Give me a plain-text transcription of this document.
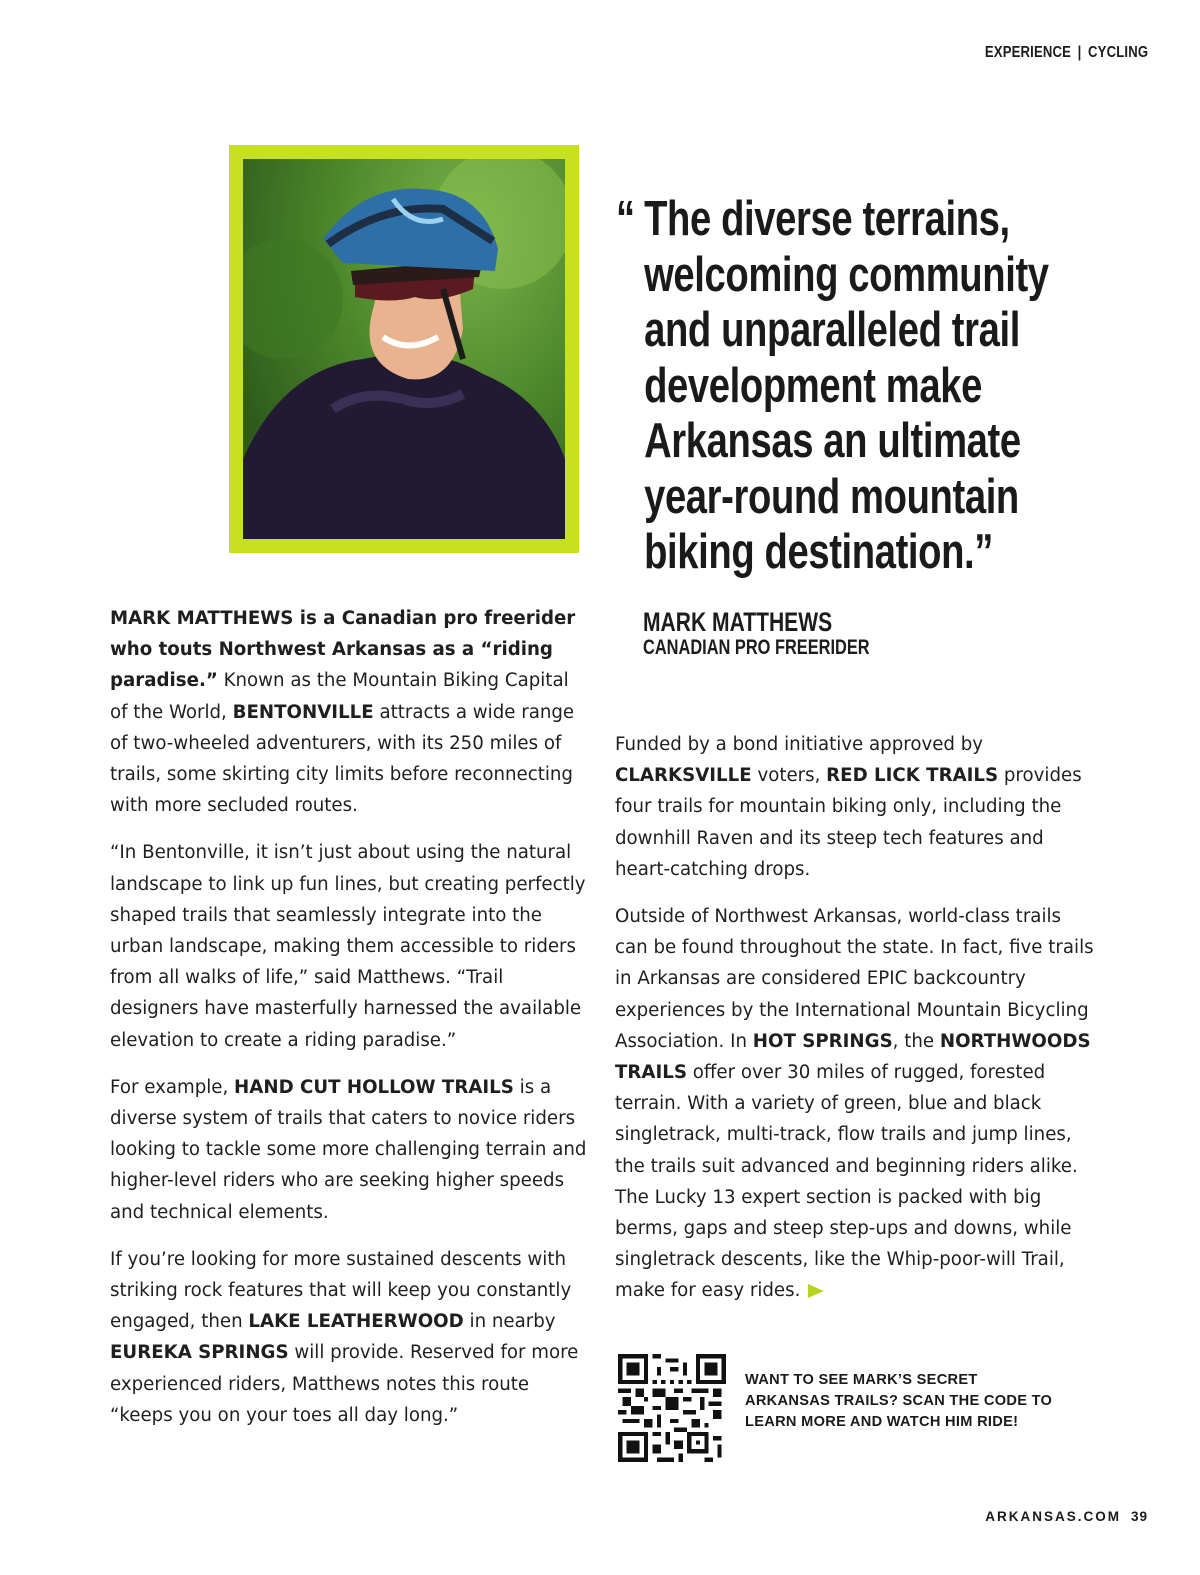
EXPERIENCE | CYCLING
“ The diverse terrains,
welcoming community
and unparalleled trail
development make
Arkansas an ultimate
year-round mountain
biking destination.”
MARK MATTHEWS
CANADIAN PRO FREERIDER

MARK MATTHEWS is a Canadian pro freerider who touts Northwest Arkansas as a “riding paradise.” Known as the Mountain Biking Capital of the World, BENTONVILLE attracts a wide range of two-wheeled adventurers, with its 250 miles of trails, some skirting city limits before reconnecting with more secluded routes.

“In Bentonville, it isn’t just about using the natural landscape to link up fun lines, but creating perfectly shaped trails that seamlessly integrate into the urban landscape, making them accessible to riders from all walks of life,” said Matthews. “Trail designers have masterfully harnessed the available elevation to create a riding paradise.”

For example, HAND CUT HOLLOW TRAILS is a diverse system of trails that caters to novice riders looking to tackle some more challenging terrain and higher-level riders who are seeking higher speeds and technical elements.

If you’re looking for more sustained descents with striking rock features that will keep you constantly engaged, then LAKE LEATHERWOOD in nearby EUREKA SPRINGS will provide. Reserved for more experienced riders, Matthews notes this route “keeps you on your toes all day long.”

Funded by a bond initiative approved by CLARKSVILLE voters, RED LICK TRAILS provides four trails for mountain biking only, including the downhill Raven and its steep tech features and heart-catching drops.

Outside of Northwest Arkansas, world-class trails can be found throughout the state. In fact, five trails in Arkansas are considered EPIC backcountry experiences by the International Mountain Bicycling Association. In HOT SPRINGS, the NORTHWOODS TRAILS offer over 30 miles of rugged, forested terrain. With a variety of green, blue and black singletrack, multi-track, flow trails and jump lines, the trails suit advanced and beginning riders alike. The Lucky 13 expert section is packed with big berms, gaps and steep step-ups and downs, while singletrack descents, like the Whip-poor-will Trail, make for easy rides.

WANT TO SEE MARK’S SECRET
ARKANSAS TRAILS? SCAN THE CODE TO
LEARN MORE AND WATCH HIM RIDE!
ARKANSAS.COM 39
